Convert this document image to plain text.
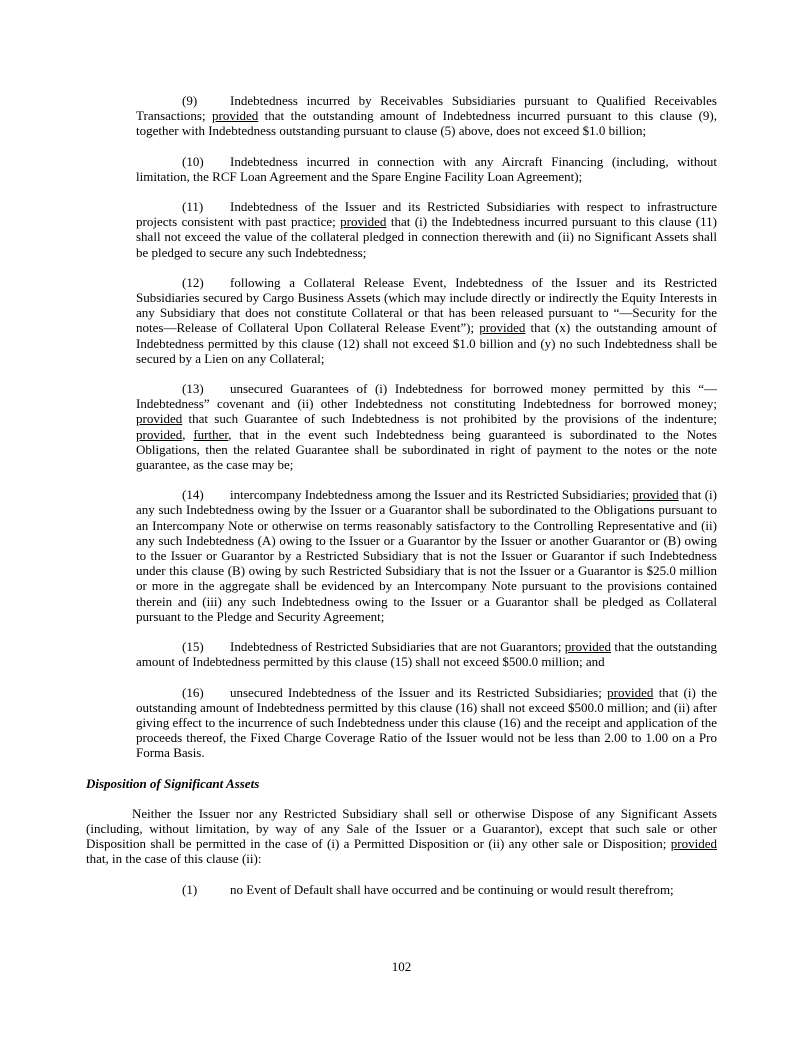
(9)	Indebtedness incurred by Receivables Subsidiaries pursuant to Qualified Receivables Transactions; provided that the outstanding amount of Indebtedness incurred pursuant to this clause (9), together with Indebtedness outstanding pursuant to clause (5) above, does not exceed $1.0 billion;

(10) Indebtedness incurred in connection with any Aircraft Financing (including, without limitation, the RCF Loan Agreement and the Spare Engine Facility Loan Agreement);

(11) Indebtedness of the Issuer and its Restricted Subsidiaries with respect to infrastructure projects consistent with past practice; provided that (i) the Indebtedness incurred pursuant to this clause (11) shall not exceed the value of the collateral pledged in connection therewith and (ii) no Significant Assets shall be pledged to secure any such Indebtedness;

(12) following a Collateral Release Event, Indebtedness of the Issuer and its Restricted Subsidiaries secured by Cargo Business Assets (which may include directly or indirectly the Equity Interests in any Subsidiary that does not constitute Collateral or that has been released pursuant to “—Security for the notes—Release of Collateral Upon Collateral Release Event”); provided that (x) the outstanding amount of Indebtedness permitted by this clause (12) shall not exceed $1.0 billion and (y) no such Indebtedness shall be secured by a Lien on any Collateral;

(13) unsecured Guarantees of (i) Indebtedness for borrowed money permitted by this “—Indebtedness” covenant and (ii) other Indebtedness not constituting Indebtedness for borrowed money; provided that such Guarantee of such Indebtedness is not prohibited by the provisions of the indenture; provided, further, that in the event such Indebtedness being guaranteed is subordinated to the Notes Obligations, then the related Guarantee shall be subordinated in right of payment to the notes or the note guarantee, as the case may be;

(14) intercompany Indebtedness among the Issuer and its Restricted Subsidiaries; provided that (i) any such Indebtedness owing by the Issuer or a Guarantor shall be subordinated to the Obligations pursuant to an Intercompany Note or otherwise on terms reasonably satisfactory to the Controlling Representative and (ii) any such Indebtedness (A) owing to the Issuer or a Guarantor by the Issuer or another Guarantor or (B) owing to the Issuer or Guarantor by a Restricted Subsidiary that is not the Issuer or Guarantor if such Indebtedness under this clause (B) owing by such Restricted Subsidiary that is not the Issuer or a Guarantor is $25.0 million or more in the aggregate shall be evidenced by an Intercompany Note pursuant to the provisions contained therein and (iii) any such Indebtedness owing to the Issuer or a Guarantor shall be pledged as Collateral pursuant to the Pledge and Security Agreement;

(15) Indebtedness of Restricted Subsidiaries that are not Guarantors; provided that the outstanding amount of Indebtedness permitted by this clause (15) shall not exceed $500.0 million; and

(16) unsecured Indebtedness of the Issuer and its Restricted Subsidiaries; provided that (i) the outstanding amount of Indebtedness permitted by this clause (16) shall not exceed $500.0 million; and (ii) after giving effect to the incurrence of such Indebtedness under this clause (16) and the receipt and application of the proceeds thereof, the Fixed Charge Coverage Ratio of the Issuer would not be less than 2.00 to 1.00 on a Pro Forma Basis.

Disposition of Significant Assets

Neither the Issuer nor any Restricted Subsidiary shall sell or otherwise Dispose of any Significant Assets (including, without limitation, by way of any Sale of the Issuer or a Guarantor), except that such sale or other Disposition shall be permitted in the case of (i) a Permitted Disposition or (ii) any other sale or Disposition; provided that, in the case of this clause (ii):

(1)	no Event of Default shall have occurred and be continuing or would result therefrom;

102
